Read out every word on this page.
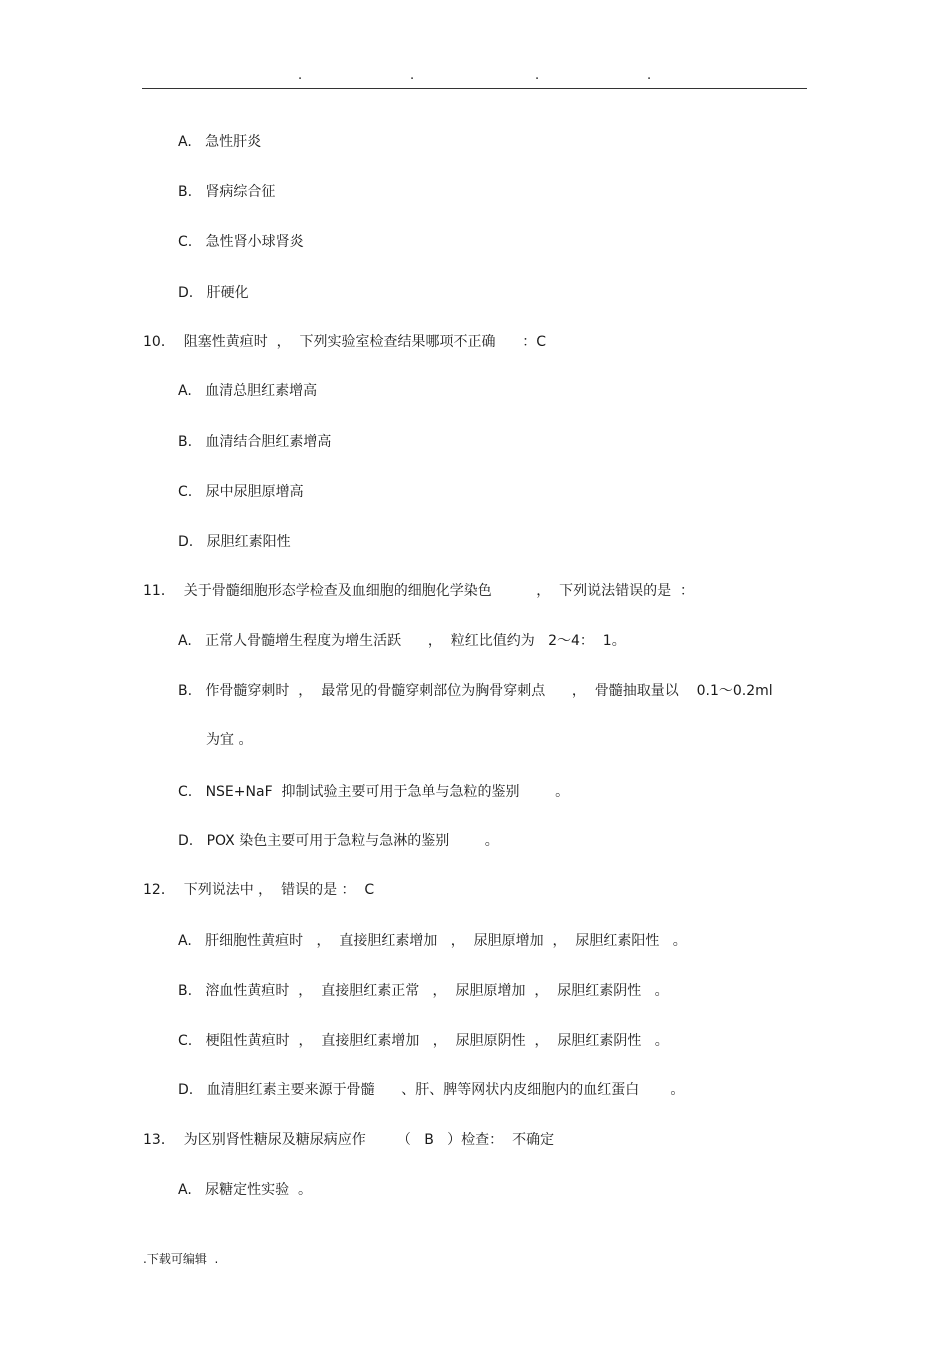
.	.	.	.
A.   急性肝炎
B.   肾病综合征
C.   急性肾小球肾炎
D.   肝硬化
10．  阻塞性黄疸时  ，  下列实验室检查结果哪项不正确      ：C
A.   血清总胆红素增高
B.   血清结合胆红素增高
C.   尿中尿胆原增高
D.   尿胆红素阳性
11．  关于骨髓细胞形态学检查及血细胞的细胞化学染色          ，  下列说法错误的是  ：
A.   正常人骨髓增生程度为增生活跃      ，  粒红比值约为   2～4：  1。
B.   作骨髓穿刺时  ，  最常见的骨髓穿刺部位为胸骨穿刺点      ，  骨髓抽取量以    0.1～0.2ml
为宜 。
C.   NSE+NaF  抑制试验主要可用于急单与急粒的鉴别        。
D.   POX 染色主要可用于急粒与急淋的鉴别        。
12．  下列说法中 ，  错误的是 ：  C
A.   肝细胞性黄疸时   ，  直接胆红素增加   ，  尿胆原增加  ，  尿胆红素阳性   。
B.   溶血性黄疸时  ，  直接胆红素正常   ，  尿胆原增加  ，  尿胆红素阴性   。
C.   梗阻性黄疸时  ，  直接胆红素增加   ，  尿胆原阴性  ，  尿胆红素阴性   。
D.   血清胆红素主要来源于骨髓      、肝、脾等网状内皮细胞内的血红蛋白       。
13．  为区别肾性糖尿及糖尿病应作       （   B   ）检查：  不确定
A.   尿糖定性实验  。
.下载可编辑  .
